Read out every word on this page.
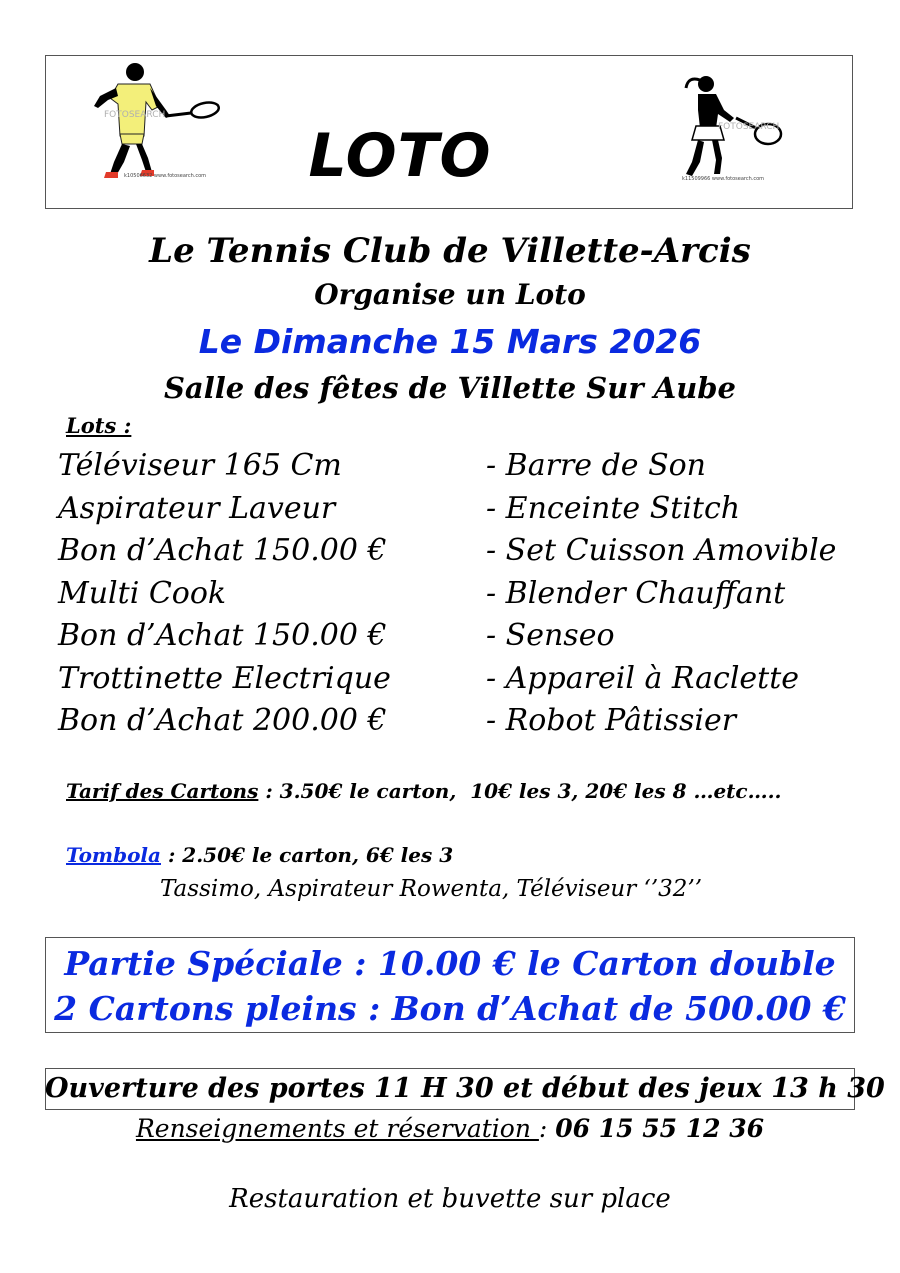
FOTOSEARCH
k10506632 www.fotosearch.com	LOTO	FOTOSEARCH
k11509966 www.fotosearch.com
Le Tennis Club de Villette-Arcis
Organise un Loto
Le Dimanche 15 Mars 2026
Salle des fêtes de Villette Sur Aube
Lots :
Téléviseur 165 Cm
Aspirateur Laveur
Bon d’Achat 150.00 €
Multi Cook
Bon d’Achat 150.00 €
Trottinette Electrique
Bon d’Achat 200.00 €
- Barre de Son
- Enceinte Stitch
- Set Cuisson Amovible
- Blender Chauffant
- Senseo
- Appareil à Raclette
- Robot Pâtissier
Tarif des Cartons : 3.50€ le carton,  10€ les 3, 20€ les 8 …etc…..
Tombola : 2.50€ le carton, 6€ les 3
Tassimo, Aspirateur Rowenta, Téléviseur ‘’32’’
Partie Spéciale : 10.00 € le Carton double
2 Cartons pleins : Bon d’Achat de 500.00 €
Ouverture des portes 11 H 30 et début des jeux 13 h 30
Renseignements et réservation : 06 15 55 12 36
Restauration et buvette sur place
